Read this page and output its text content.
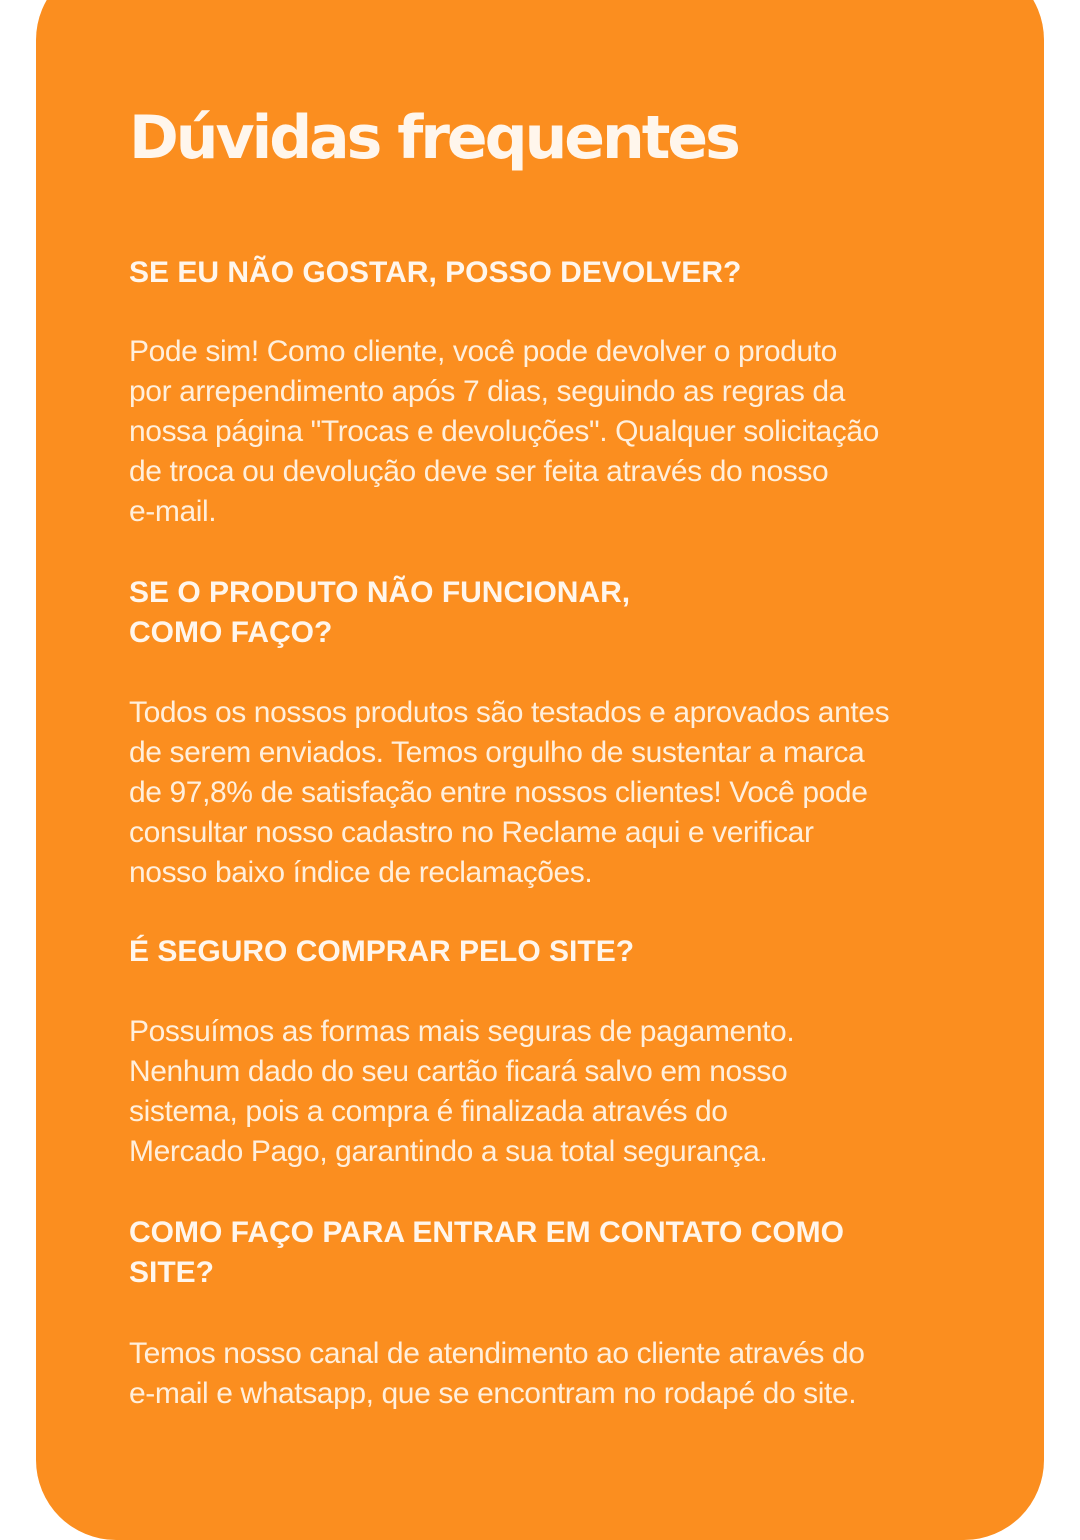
Dúvidas frequentes
SE EU NÃO GOSTAR, POSSO DEVOLVER?

Pode sim! Como cliente, você pode devolver o produto
por arrependimento após 7 dias, seguindo as regras da
nossa página "Trocas e devoluções". Qualquer solicitação
de troca ou devolução deve ser feita através do nosso
e-mail.

SE O PRODUTO NÃO FUNCIONAR,
COMO FAÇO?

Todos os nossos produtos são testados e aprovados antes
de serem enviados. Temos orgulho de sustentar a marca
de 97,8% de satisfação entre nossos clientes! Você pode
consultar nosso cadastro no Reclame aqui e verificar
nosso baixo índice de reclamações.

É SEGURO COMPRAR PELO SITE?

Possuímos as formas mais seguras de pagamento.
Nenhum dado do seu cartão ficará salvo em nosso
sistema, pois a compra é finalizada através do
Mercado Pago, garantindo a sua total segurança.

COMO FAÇO PARA ENTRAR EM CONTATO COMO
SITE?

Temos nosso canal de atendimento ao cliente através do
e-mail e whatsapp, que se encontram no rodapé do site.
